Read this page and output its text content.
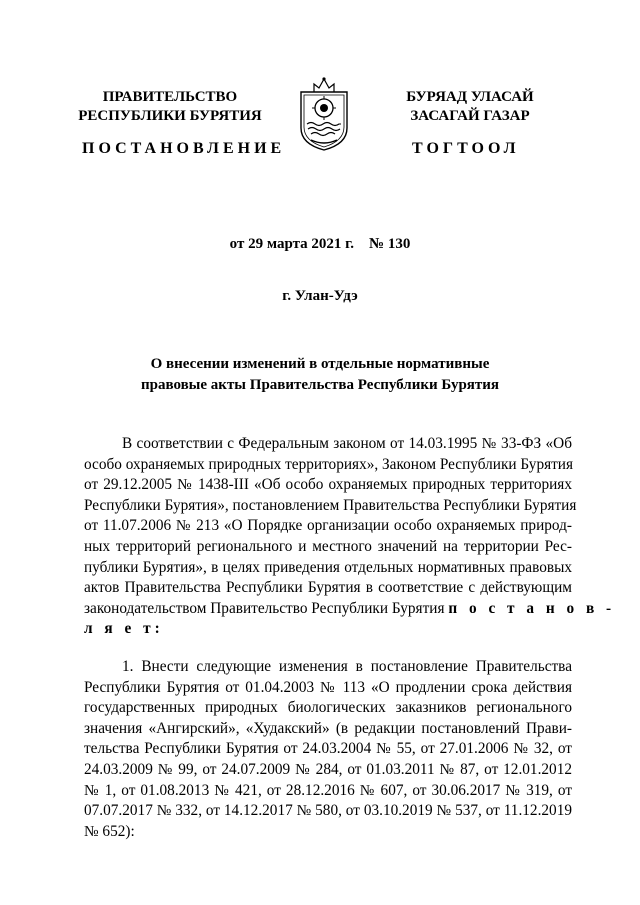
ПРАВИТЕЛЬСТВО
РЕСПУБЛИКИ БУРЯТИЯ
БУРЯАД УЛАСАЙ
ЗАСАГАЙ ГАЗАР
ПОСТАНОВЛЕНИЕ	ТОГТООЛ
от 29 марта 2021 г.    № 130
г. Улан-Удэ
О внесении изменений в отдельные нормативные
правовые акты Правительства Республики Бурятия
В соответствии с Федеральным законом от 14.03.1995 № 33-ФЗ «Об
особо охраняемых природных территориях», Законом Республики Бурятия
от 29.12.2005 № 1438-III «Об особо охраняемых природных территориях
Республики Бурятия», постановлением Правительства Республики Бурятия
от 11.07.2006 № 213 «О Порядке организации особо охраняемых природ-
ных территорий регионального и местного значений на территории Рес-
публики Бурятия», в целях приведения отдельных нормативных правовых
актов Правительства Республики Бурятия в соответствие с действующим
законодательством Правительство Республики Бурятия п о с т а н о в -
л я е т:
1. Внести следующие изменения в постановление Правительства
Республики Бурятия от 01.04.2003 № 113 «О продлении срока действия
государственных природных биологических заказников регионального
значения «Ангирский», «Худакский» (в редакции постановлений Прави-
тельства Республики Бурятия от 24.03.2004 № 55, от 27.01.2006 № 32, от
24.03.2009 № 99, от 24.07.2009 № 284, от 01.03.2011 № 87, от 12.01.2012
№ 1, от 01.08.2013 № 421, от 28.12.2016 № 607, от 30.06.2017 № 319, от
07.07.2017 № 332, от 14.12.2017 № 580, от 03.10.2019 № 537, от 11.12.2019
№ 652):
